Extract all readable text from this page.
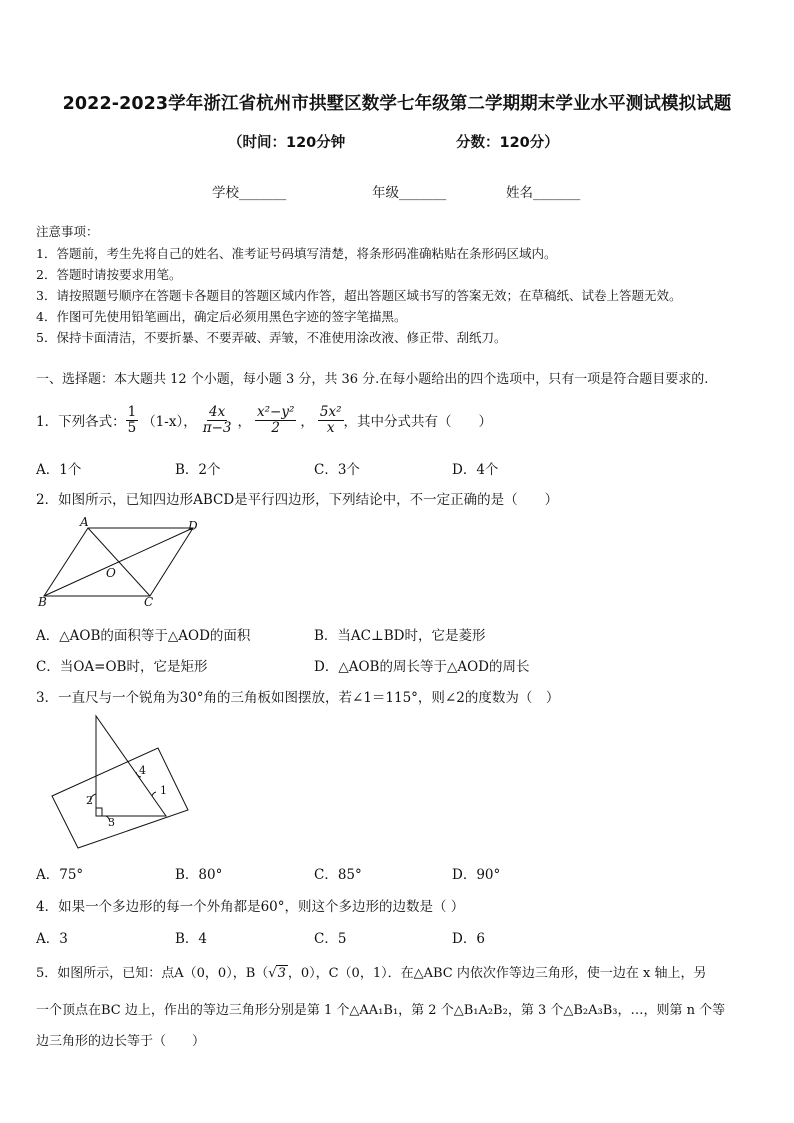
2022-2023学年浙江省杭州市拱墅区数学七年级第二学期期末学业水平测试模拟试题
（时间：120分钟	分数：120分）
学校_______	年级_______	姓名_______
注意事项：
1．答题前，考生先将自己的姓名、准考证号码填写清楚，将条形码准确粘贴在条形码区域内。
2．答题时请按要求用笔。
3．请按照题号顺序在答题卡各题目的答题区域内作答，超出答题区域书写的答案无效；在草稿纸、试卷上答题无效。
4．作图可先使用铅笔画出，确定后必须用黑色字迹的签字笔描黑。
5．保持卡面清洁，不要折暴、不要弄破、弄皱，不准使用涂改液、修正带、刮纸刀。
一、选择题：本大题共 12 个小题，每小题 3 分，共 36 分.在每小题给出的四个选项中，只有一项是符合题目要求的.
1．下列各式： $\frac{1}{5} (1-x)$， $\frac{4x}{\pi-3}$ ， $\frac{\text{x²−y²}}{2}$ ， $\frac{\text{5x²}}{x}$ ，其中分式共有（　　）
A．1个	B．2个	C．3个	D．4个
2．如图所示，已知四边形ABCD是平行四边形，下列结论中，不一定正确的是（　　）
A	D
B	C
O
A．△AOB的面积等于△AOD的面积	B．当AC⊥BD时，它是菱形
C．当OA=OB时，它是矩形	D．△AOB的周长等于△AOD的周长
3．一直尺与一个锐角为30°角的三角板如图摆放，若∠1＝115°，则∠2的度数为（　）
1
2
3
4
A．75°	B．80°	C．85°	D．90°
4．如果一个多边形的每一个外角都是60°，则这个多边形的边数是（ ）
A．3	B．4	C．5	D．6
5．如图所示，已知：点A（0，0），B（√3 ，0），C（0，1）．在△ABC 内依次作等边三角形，使一边在 x 轴上，另
一个顶点在BC 边上，作出的等边三角形分别是第 1 个△AA₁B₁，第 2 个△B₁A₂B₂，第 3 个△B₂A₃B₃，…，则第 n 个等
边三角形的边长等于（　　）
